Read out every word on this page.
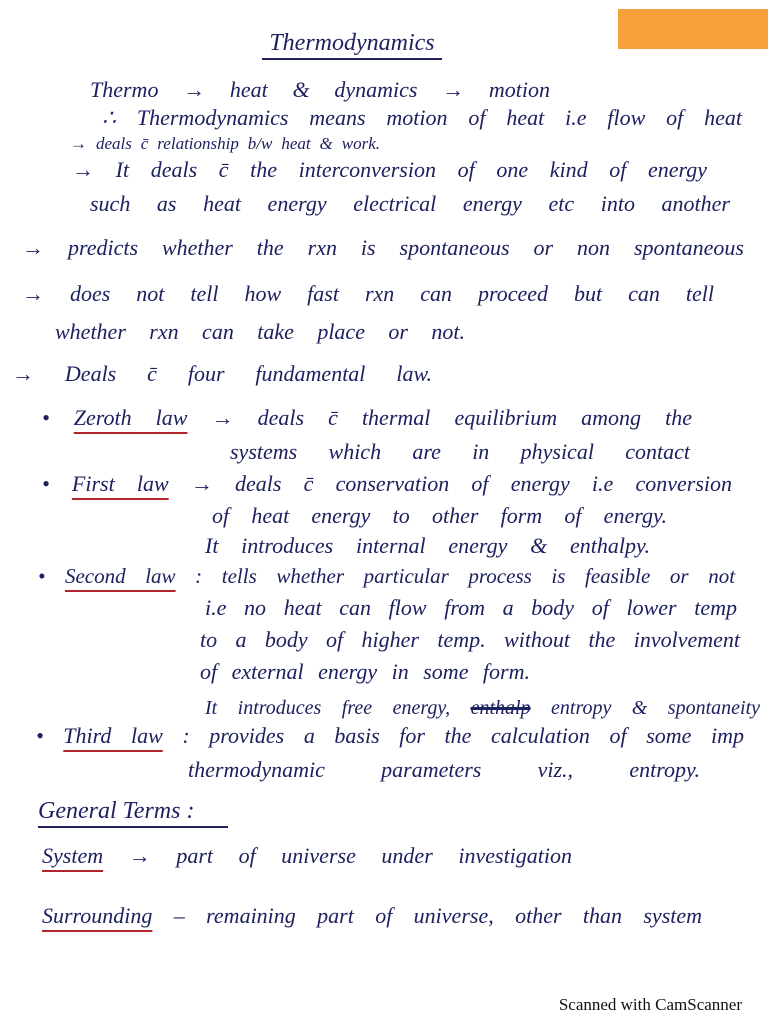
Thermodynamics
Thermo → heat & dynamics → motion
∴ Thermodynamics means motion of heat i.e flow of heat
→ deals c̄ relationship b/w heat & work.
→ It deals c̄ the interconversion of one kind of energy
such as heat energy electrical energy etc into another
→ predicts whether the rxn is spontaneous or non spontaneous
→ does not tell how fast rxn can proceed but can tell
whether rxn can take place or not.
→ Deals c̄ four fundamental law.
• Zeroth law → deals c̄ thermal equilibrium among the
systems which are in physical contact
• First law → deals c̄ conservation of energy i.e conversion
of heat energy to other form of energy.
It introduces internal energy & enthalpy.
• Second law : tells whether particular process is feasible or not
i.e no heat can flow from a body of lower temp
to a body of higher temp. without the involvement
of external energy in some form.
It introduces free energy, enthalp entropy & spontaneity
• Third law : provides a basis for the calculation of some imp
thermodynamic parameters viz., entropy.
General Terms :
System → part of universe under investigation
Surrounding – remaining part of universe, other than system
Scanned with CamScanner
